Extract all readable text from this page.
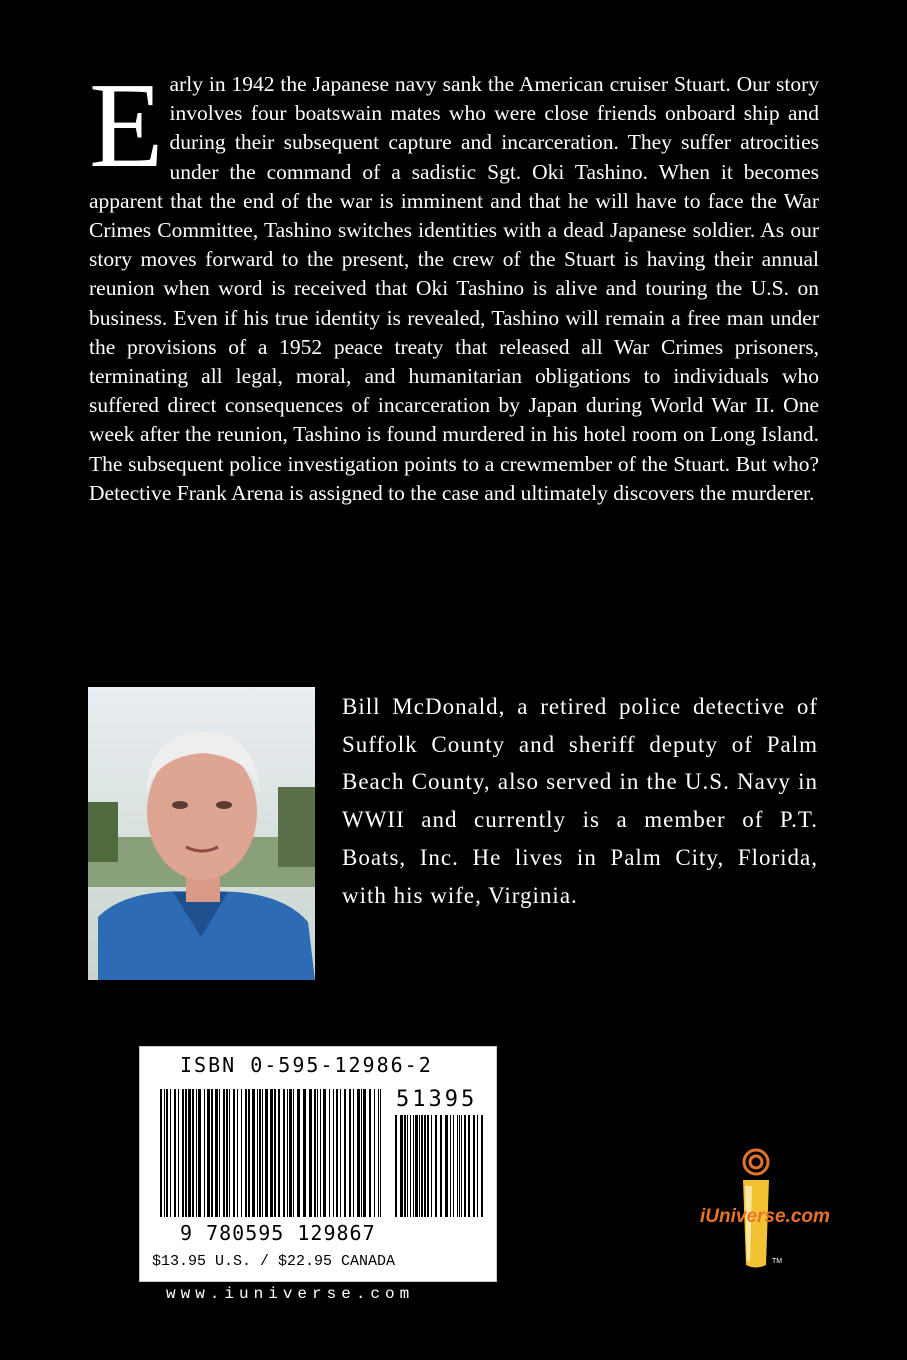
Early in 1942 the Japanese navy sank the American cruiser Stuart. Our story involves four boatswain mates who were close friends onboard ship and during their subsequent capture and incarceration. They suffer atrocities under the command of a sadistic Sgt. Oki Tashino. When it becomes apparent that the end of the war is imminent and that he will have to face the War Crimes Committee, Tashino switches identities with a dead Japanese soldier. As our story moves forward to the present, the crew of the Stuart is having their annual reunion when word is received that Oki Tashino is alive and touring the U.S. on business. Even if his true identity is revealed, Tashino will remain a free man under the provisions of a 1952 peace treaty that released all War Crimes prisoners, terminating all legal, moral, and humanitarian obligations to individuals who suffered direct consequences of incarceration by Japan during World War II. One week after the reunion, Tashino is found murdered in his hotel room on Long Island. The subsequent police investigation points to a crewmember of the Stuart. But who? Detective Frank Arena is assigned to the case and ultimately discovers the murderer.
Bill McDonald, a retired police detective of Suffolk County and sheriff deputy of Palm Beach County, also served in the U.S. Navy in WWII and currently is a member of P.T. Boats, Inc. He lives in Palm City, Florida, with his wife, Virginia.
ISBN 0-595-12986-2
51395
9 780595 129867
$13.95 U.S. / $22.95 CANADA
www.iuniverse.com
iUniverse.com
TM
